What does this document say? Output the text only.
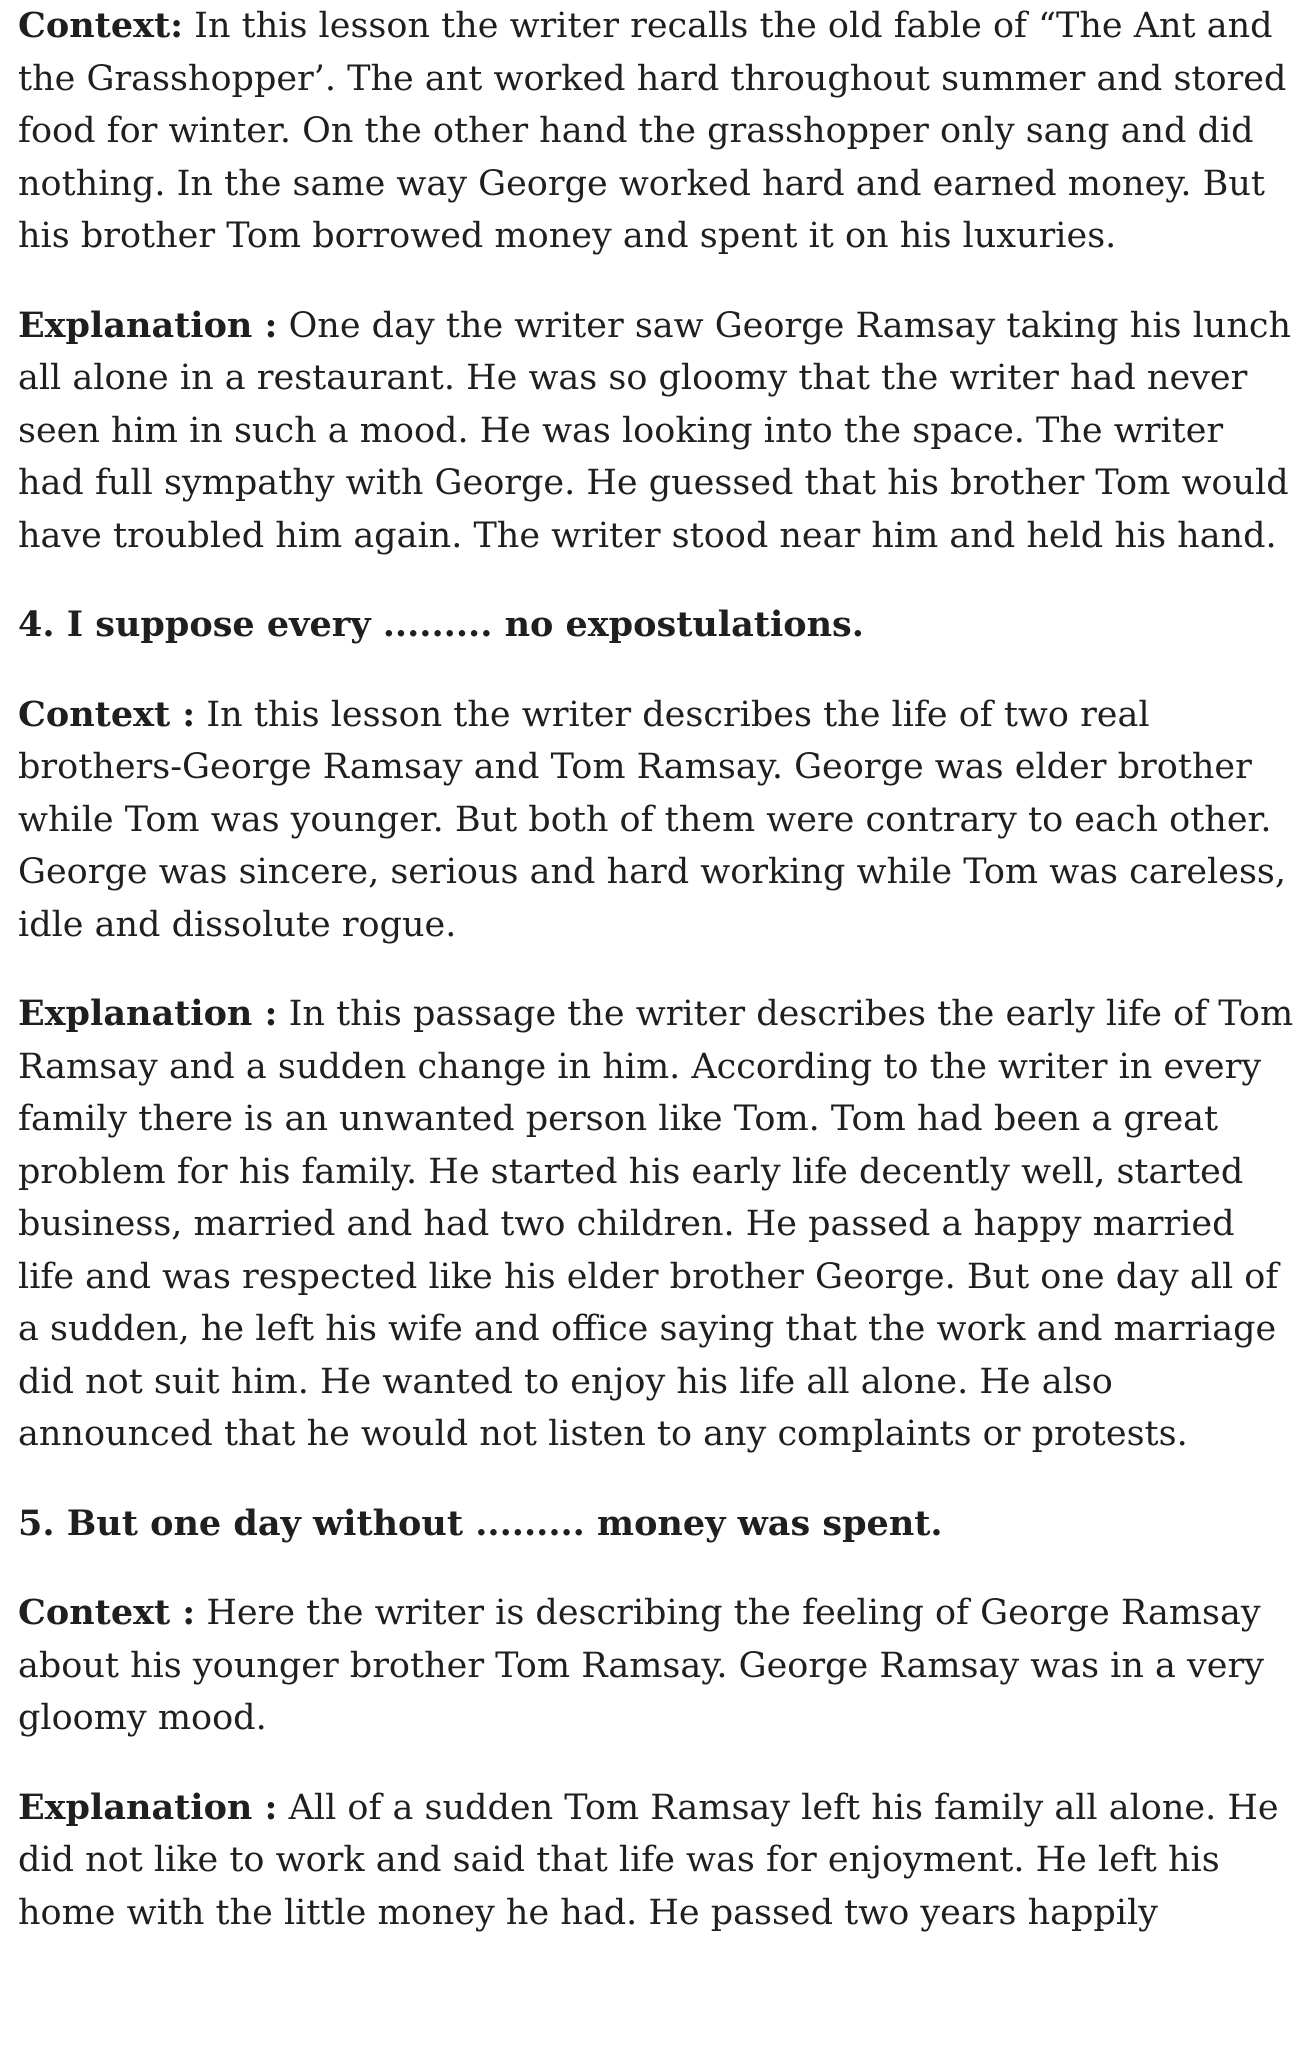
Context: In this lesson the writer recalls the old fable of “The Ant and the Grasshopper’. The ant worked hard throughout summer and stored food for winter. On the other hand the grasshopper only sang and did nothing. In the same way George worked hard and earned money. But his brother Tom borrowed money and spent it on his luxuries.

Explanation : One day the writer saw George Ramsay taking his lunch all alone in a restaurant. He was so gloomy that the writer had never seen him in such a mood. He was looking into the space. The writer had full sympathy with George. He guessed that his brother Tom would have troubled him again. The writer stood near him and held his hand.

4. I suppose every ......... no expostulations.

Context : In this lesson the writer describes the life of two real brothers-George Ramsay and Tom Ramsay. George was elder brother while Tom was younger. But both of them were contrary to each other. George was sincere, serious and hard working while Tom was careless, idle and dissolute rogue.

Explanation : In this passage the writer describes the early life of Tom Ramsay and a sudden change in him. According to the writer in every family there is an unwanted person like Tom. Tom had been a great problem for his family. He started his early life decently well, started business, married and had two children. He passed a happy married life and was respected like his elder brother George. But one day all of a sudden, he left his wife and office saying that the work and marriage did not suit him. He wanted to enjoy his life all alone. He also announced that he would not listen to any complaints or protests.

5. But one day without ......... money was spent.

Context : Here the writer is describing the feeling of George Ramsay about his younger brother Tom Ramsay. George Ramsay was in a very gloomy mood.

Explanation : All of a sudden Tom Ramsay left his family all alone. He did not like to work and said that life was for enjoyment. He left his home with the little money he had. He passed two years happily
